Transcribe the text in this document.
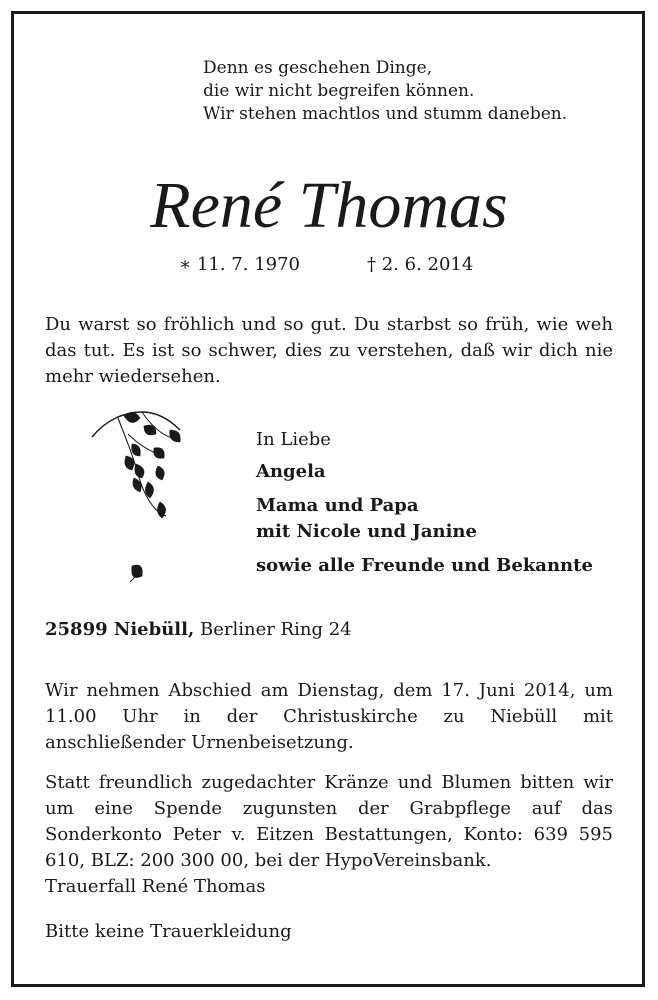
Denn es geschehen Dinge,
die wir nicht begreifen können.
Wir stehen machtlos und stumm daneben.
René Thomas
∗ 11. 7. 1970	† 2. 6. 2014
Du warst so fröhlich und so gut. Du starbst so früh, wie weh das tut. Es ist so schwer, dies zu verstehen, daß wir dich nie mehr wiedersehen.
In Liebe
Angela
Mama und Papa
mit Nicole und Janine
sowie alle Freunde und Bekannte
25899 Niebüll, Berliner Ring 24
Wir nehmen Abschied am Dienstag, dem 17. Juni 2014, um 11.00 Uhr in der Christuskirche zu Niebüll mit anschließender Urnenbeisetzung.
Statt freundlich zugedachter Kränze und Blumen bitten wir um eine Spende zugunsten der Grabpflege auf das Sonderkonto Peter v. Eitzen Bestattungen, Konto: 639 595 610, BLZ: 200 300 00, bei der HypoVereinsbank.
Trauerfall René Thomas
Bitte keine Trauerkleidung
